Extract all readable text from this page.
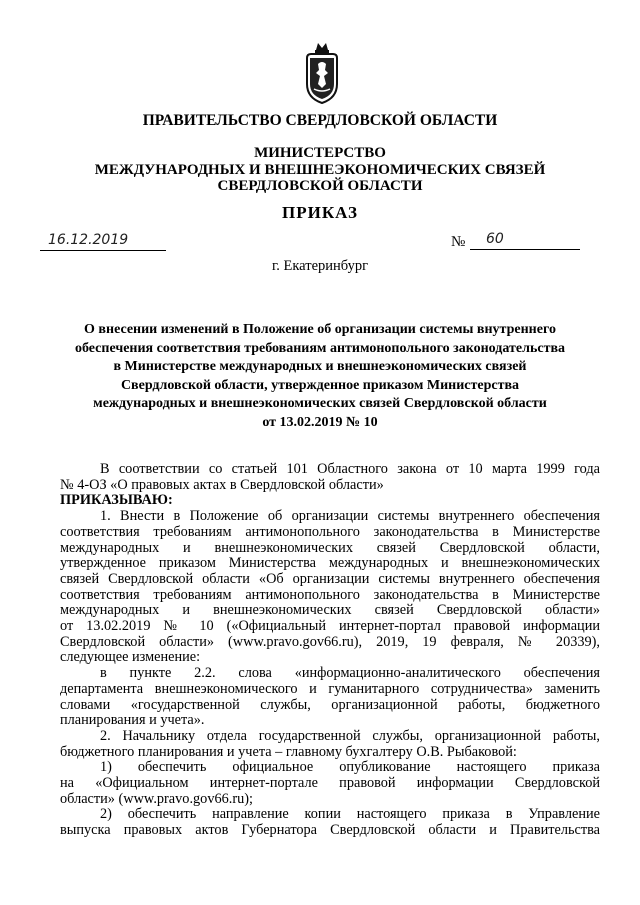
ПРАВИТЕЛЬСТВО СВЕРДЛОВСКОЙ ОБЛАСТИ
МИНИСТЕРСТВО
МЕЖДУНАРОДНЫХ И ВНЕШНЕЭКОНОМИЧЕСКИХ СВЯЗЕЙ
СВЕРДЛОВСКОЙ ОБЛАСТИ
ПРИКАЗ
16.12.2019	№ 60
г. Екатеринбург
О внесении изменений в Положение об организации системы внутреннего
обеспечения соответствия требованиям антимонопольного законодательства
в Министерстве международных и внешнеэкономических связей
Свердловской области, утвержденное приказом Министерства
международных и внешнеэкономических связей Свердловской области
от 13.02.2019 № 10
В соответствии со статьей 101 Областного закона от 10 марта 1999 года
№ 4-ОЗ «О правовых актах в Свердловской области»
ПРИКАЗЫВАЮ:
1. Внести в Положение об организации системы внутреннего обеспечения
соответствия требованиям антимонопольного законодательства в Министерстве
международных и внешнеэкономических связей Свердловской области,
утвержденное приказом Министерства международных и внешнеэкономических
связей Свердловской области «Об организации системы внутреннего обеспечения
соответствия требованиям антимонопольного законодательства в Министерстве
международных и внешнеэкономических связей Свердловской области»
от 13.02.2019 № 10 («Официальный интернет-портал правовой информации
Свердловской области» (www.pravo.gov66.ru), 2019, 19 февраля, № 20339),
следующее изменение:
в пункте 2.2. слова «информационно-аналитического обеспечения
департамента внешнеэкономического и гуманитарного сотрудничества» заменить
словами «государственной службы, организационной работы, бюджетного
планирования и учета».
2. Начальнику отдела государственной службы, организационной работы,
бюджетного планирования и учета – главному бухгалтеру О.В. Рыбаковой:
1) обеспечить официальное опубликование настоящего приказа
на «Официальном интернет-портале правовой информации Свердловской
области» (www.pravo.gov66.ru);
2) обеспечить направление копии настоящего приказа в Управление
выпуска правовых актов Губернатора Свердловской области и Правительства
